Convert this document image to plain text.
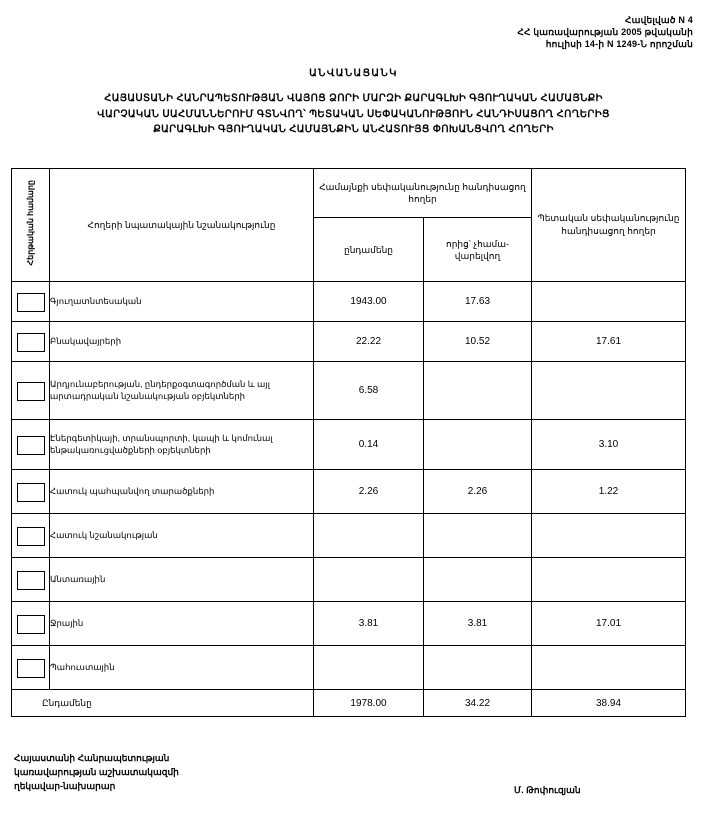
Հավելված N 4
ՀՀ կառավարության 2005 թվականի
հուլիսի 14-ի N 1249-Ն որոշման
ԱՆՎԱՆԱՑԱՆԿ
ՀԱՅԱՍՏԱՆԻ ՀԱՆՐԱՊԵՏՈՒԹՅԱՆ ՎԱՅՈՑ ՁՈՐԻ ՄԱՐԶԻ ՔԱՐԱԳԼԽԻ ԳՅՈՒՂԱԿԱՆ ՀԱՄԱՅՆՔԻ
ՎԱՐՉԱԿԱՆ ՍԱՀՄԱՆՆԵՐՈՒՄ ԳՏՆՎՈՂ՝ ՊԵՏԱԿԱՆ ՍԵՓԱԿԱՆՈՒԹՅՈՒՆ ՀԱՆԴԻՍԱՑՈՂ ՀՈՂԵՐԻՑ
ՔԱՐԱԳԼԽԻ ԳՅՈՒՂԱԿԱՆ ՀԱՄԱՅՆՔԻՆ ԱՆՀԱՏՈՒՅՑ ՓՈԽԱՆՑՎՈՂ ՀՈՂԵՐԻ
Հերթական համարը	Հողերի նպատակային նշանակությունը	Համայնքի սեփականությունը հանդիսացող հողեր		Պետական սեփականությունը հանդիսացող հողեր
		ընդամենը	որից՝ չհամա-վարելվող	

	Գյուղատնտեսական	1943.00	17.63	

	Բնակավայրերի	22.22	10.52	17.61

	Արդյունաբերության, ընդերքօգտագործման և այլ արտադրական նշանակության օբյեկտների	6.58		

	Էներգետիկայի, տրանսպորտի, կապի և կոմունալ ենթակառուցվածքների օբյեկտների	0.14		3.10

	Հատուկ պահպանվող տարածքների	2.26	2.26	1.22

	Հատուկ նշանակության			

	Անտառային			

	Ջրային	3.81	3.81	17.01

	Պահուստային			
Ընդամենը		1978.00	34.22	38.94
Հայաստանի Հանրապետության
կառավարության աշխատակազմի
ղեկավար-նախարար	Մ. Թոփուզյան
